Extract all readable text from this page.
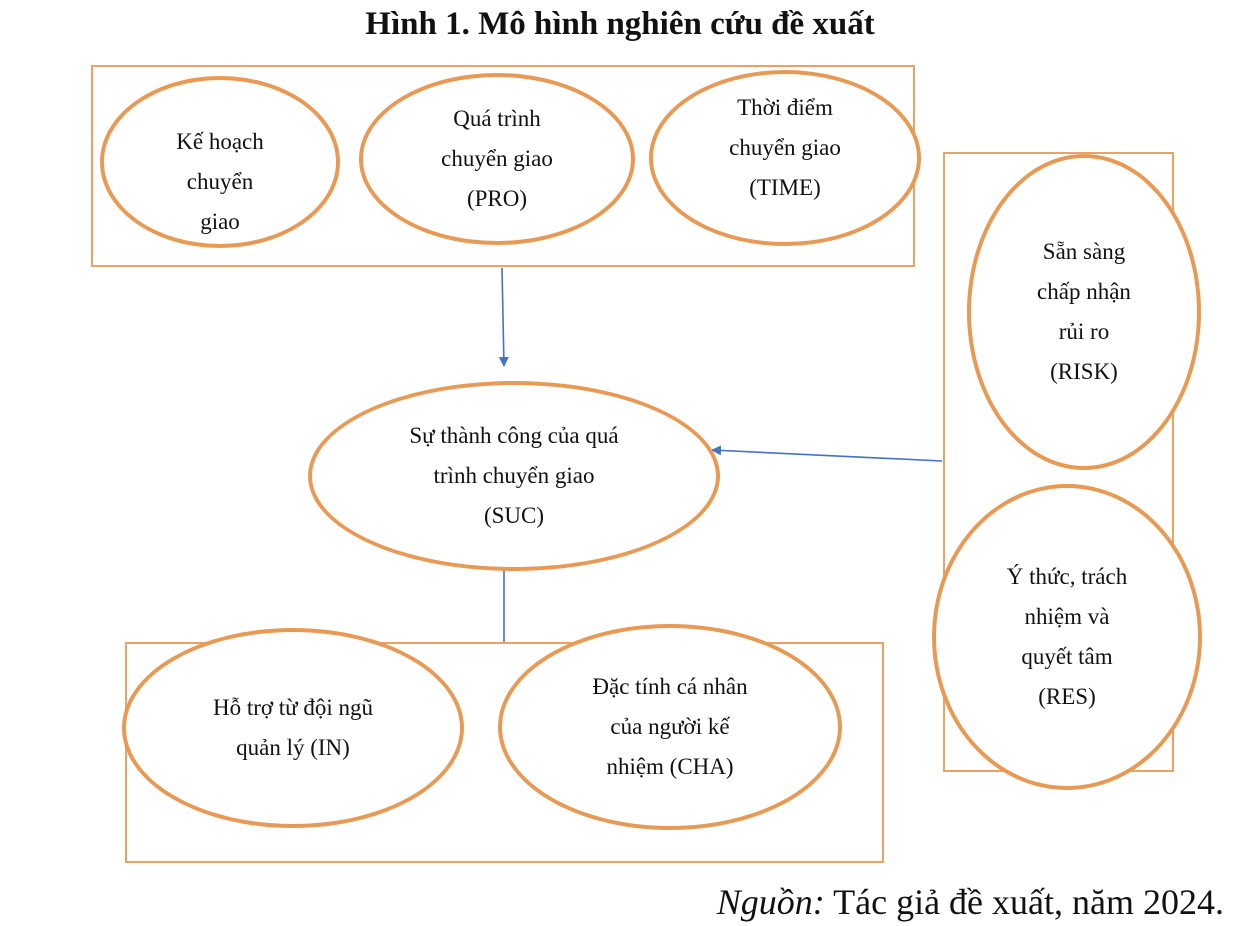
Hình 1. Mô hình nghiên cứu đề xuất
Kế hoạch
chuyển
giao
Quá trình
chuyển giao
(PRO)
Thời điểm
chuyển giao
(TIME)
Sự thành công của quá
trình chuyển giao
(SUC)
Sẵn sàng
chấp nhận
rủi ro
(RISK)
Ý thức, trách
nhiệm và
quyết tâm
(RES)
Hỗ trợ từ đội ngũ
quản lý (IN)
Đặc tính cá nhân
của người kế
nhiệm (CHA)
Nguồn: Tác giả đề xuất, năm 2024.
